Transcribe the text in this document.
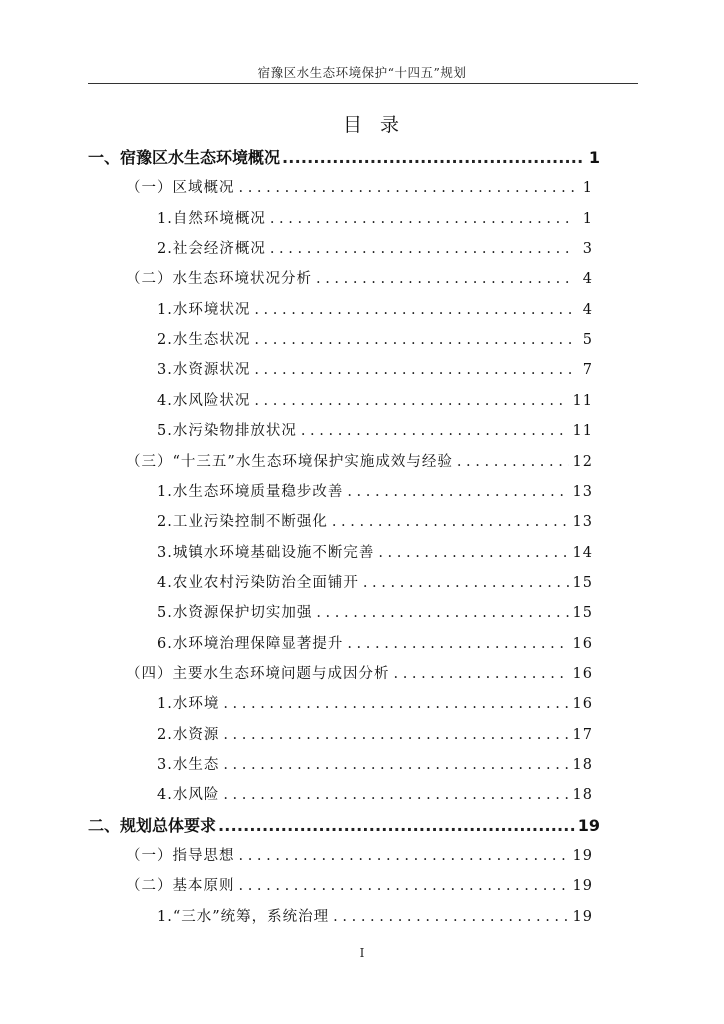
宿豫区水生态环境保护“十四五”规划
目录
一、宿豫区水生态环境概况 .....	1
（一）区域概况 . . .	1
1.自然环境概况 . . .	1
2.社会经济概况 . . .	3
（二）水生态环境状况分析 . . .	4
1.水环境状况 . . .	4
2.水生态状况 . . .	5
3.水资源状况 . . .	7
4.水风险状况 . . .	11
5.水污染物排放状况 . . .	11
（三）“十三五”水生态环境保护实施成效与经验 . . .	12
1.水生态环境质量稳步改善 . . .	13
2.工业污染控制不断强化 . . .	13
3.城镇水环境基础设施不断完善 . . .	14
4.农业农村污染防治全面铺开 . . .	15
5.水资源保护切实加强 . . .	15
6.水环境治理保障显著提升 . . .	16
（四）主要水生态环境问题与成因分析 . . .	16
1.水环境 . . .	16
2.水资源 . . .	17
3.水生态 . . .	18
4.水风险 . . .	18
二、规划总体要求 .....	19
（一）指导思想 . . .	19
（二）基本原则 . . .	19
1.“三水”统筹，系统治理 . . .	19
I
